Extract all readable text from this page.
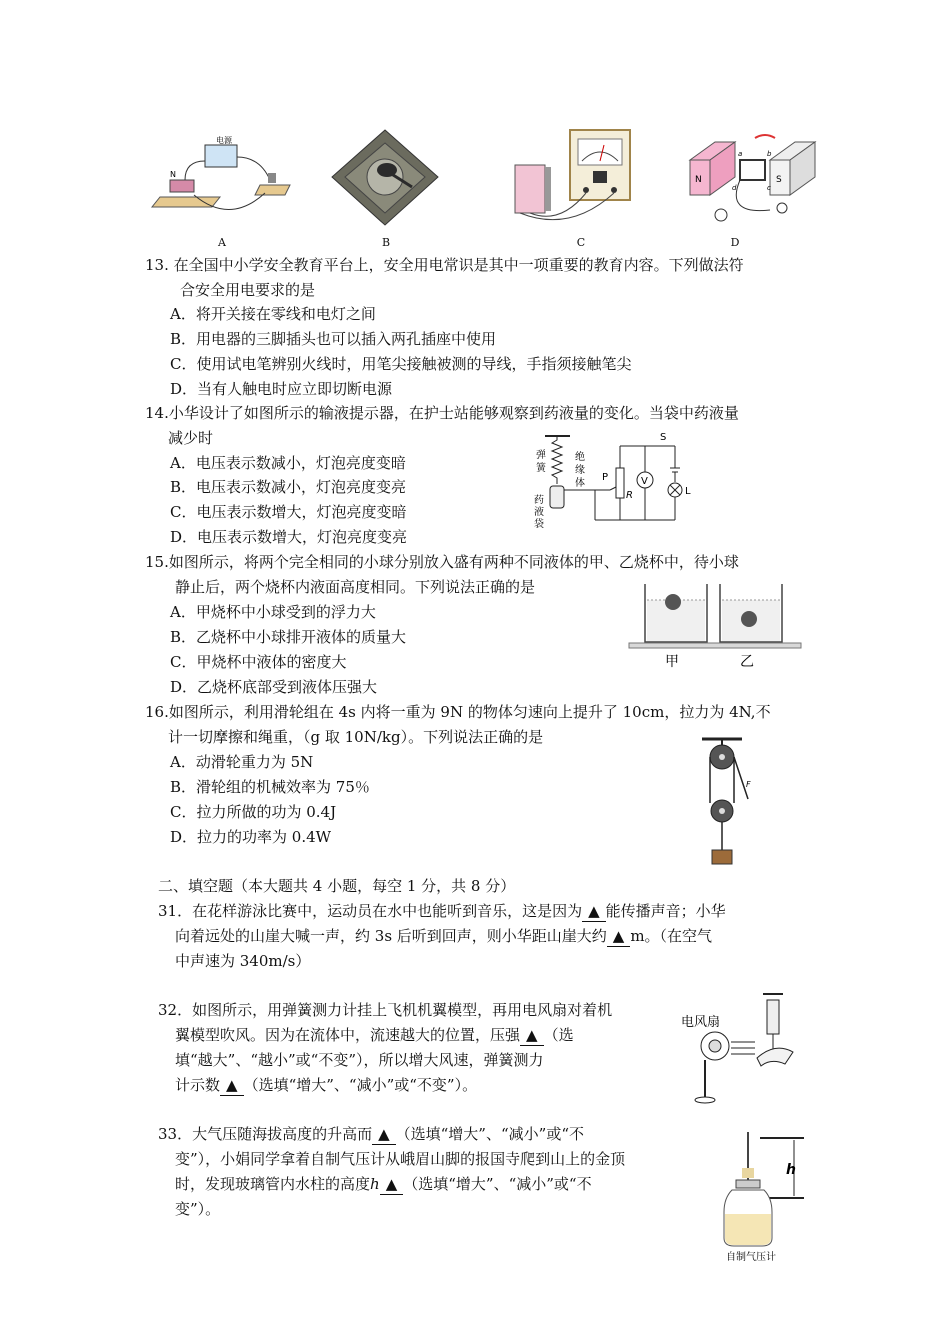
电源
N
A	B	C
N	S
a	b
c
d
D
13. 在全国中小学安全教育平台上，安全用电常识是其中一项重要的教育内容。下列做法符
合安全用电要求的是
A．将开关接在零线和电灯之间
B．用电器的三脚插头也可以插入两孔插座中使用
C．使用试电笔辨别火线时，用笔尖接触被测的导线，手指须接触笔尖
D．当有人触电时应立即切断电源
14.小华设计了如图所示的输液提示器，在护士站能够观察到药液量的变化。当袋中药液量
减少时
A．电压表示数减小，灯泡亮度变暗
B．电压表示数减小，灯泡亮度变亮
C．电压表示数增大，灯泡亮度变暗
D．电压表示数增大，灯泡亮度变亮
弹
簧
药
液
袋
绝
缘
体
P
R
V
L
S
15.如图所示，将两个完全相同的小球分别放入盛有两种不同液体的甲、乙烧杯中，待小球
静止后，两个烧杯内液面高度相同。下列说法正确的是
A．甲烧杯中小球受到的浮力大
B．乙烧杯中小球排开液体的质量大
C．甲烧杯中液体的密度大
D．乙烧杯底部受到液体压强大
甲	乙
16.如图所示，利用滑轮组在 4s 内将一重为 9N 的物体匀速向上提升了 10cm，拉力为 4N,不
计一切摩擦和绳重，（g 取 10N/kg）。下列说法正确的是
A．动滑轮重力为 5N
B．滑轮组的机械效率为 75％
C．拉力所做的功为 0.4J
D．拉力的功率为 0.4W
F
二、填空题（本大题共 4 小题，每空 1 分，共 8 分）
31．在花样游泳比赛中，运动员在水中也能听到音乐，这是因为 ▲ 能传播声音；小华
向着远处的山崖大喊一声，约 3s 后听到回声，则小华距山崖大约 ▲ m。（在空气
中声速为 340m/s）
32．如图所示，用弹簧测力计挂上飞机机翼模型，再用电风扇对着机
翼模型吹风。因为在流体中，流速越大的位置，压强 ▲ （选
填“越大”、“越小”或“不变”），所以增大风速，弹簧测力
计示数 ▲ （选填“增大”、“减小”或“不变”）。
电风扇
33．大气压随海拔高度的升高而 ▲ （选填“增大”、“减小”或“不
变”），小娟同学拿着自制气压计从峨眉山脚的报国寺爬到山上的金顶
时，发现玻璃管内水柱的高度h ▲ （选填“增大”、“减小”或“不
变”）。
h
自制气压计
